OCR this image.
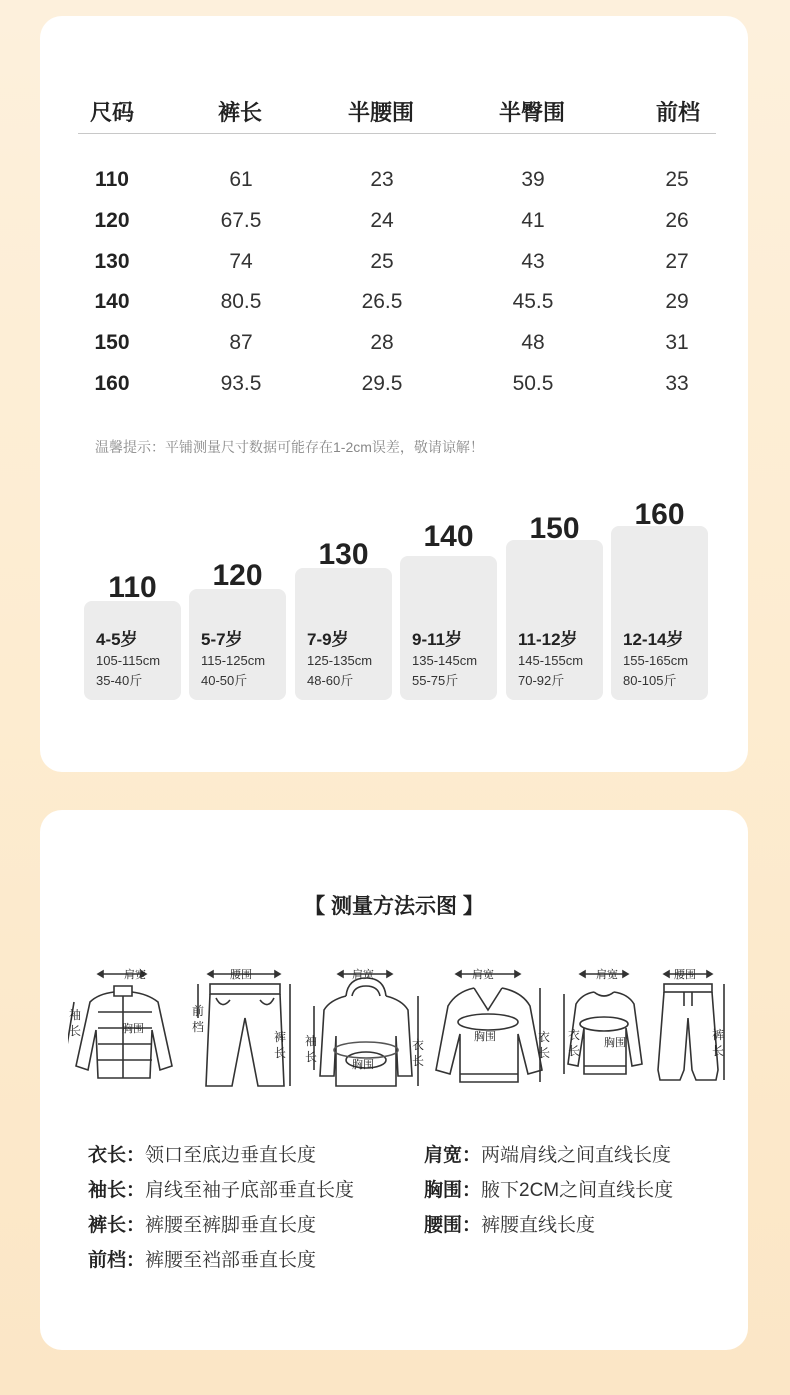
尺码	裤长	半腰围	半臀围	前档
110	61	23	39	25
120	67.5	24	41	26
130	74	25	43	27
140	80.5	26.5	45.5	29
150	87	28	48	31
160	93.5	29.5	50.5	33
温馨提示：平铺测量尺寸数据可能存在1-2cm误差，敬请谅解！
110
4-5岁
105-115cm
35-40斤
120
5-7岁
115-125cm
40-50斤
130
7-9岁
125-135cm
48-60斤
140
9-11岁
135-145cm
55-75斤
150
11-12岁
145-155cm
70-92斤
160
12-14岁
155-165cm
80-105斤
【 测量方法示图 】
肩宽
胸围
袖
长
腰围
前
档
裤
长
肩宽
胸围
袖
长
衣
长
肩宽
胸围	衣
长
肩宽	腰围
胸围
衣
长
裤
长
衣长：领口至底边垂直长度	肩宽：两端肩线之间直线长度
袖长：肩线至袖子底部垂直长度	胸围：腋下2CM之间直线长度
裤长：裤腰至裤脚垂直长度	腰围：裤腰直线长度
前档：裤腰至裆部垂直长度
